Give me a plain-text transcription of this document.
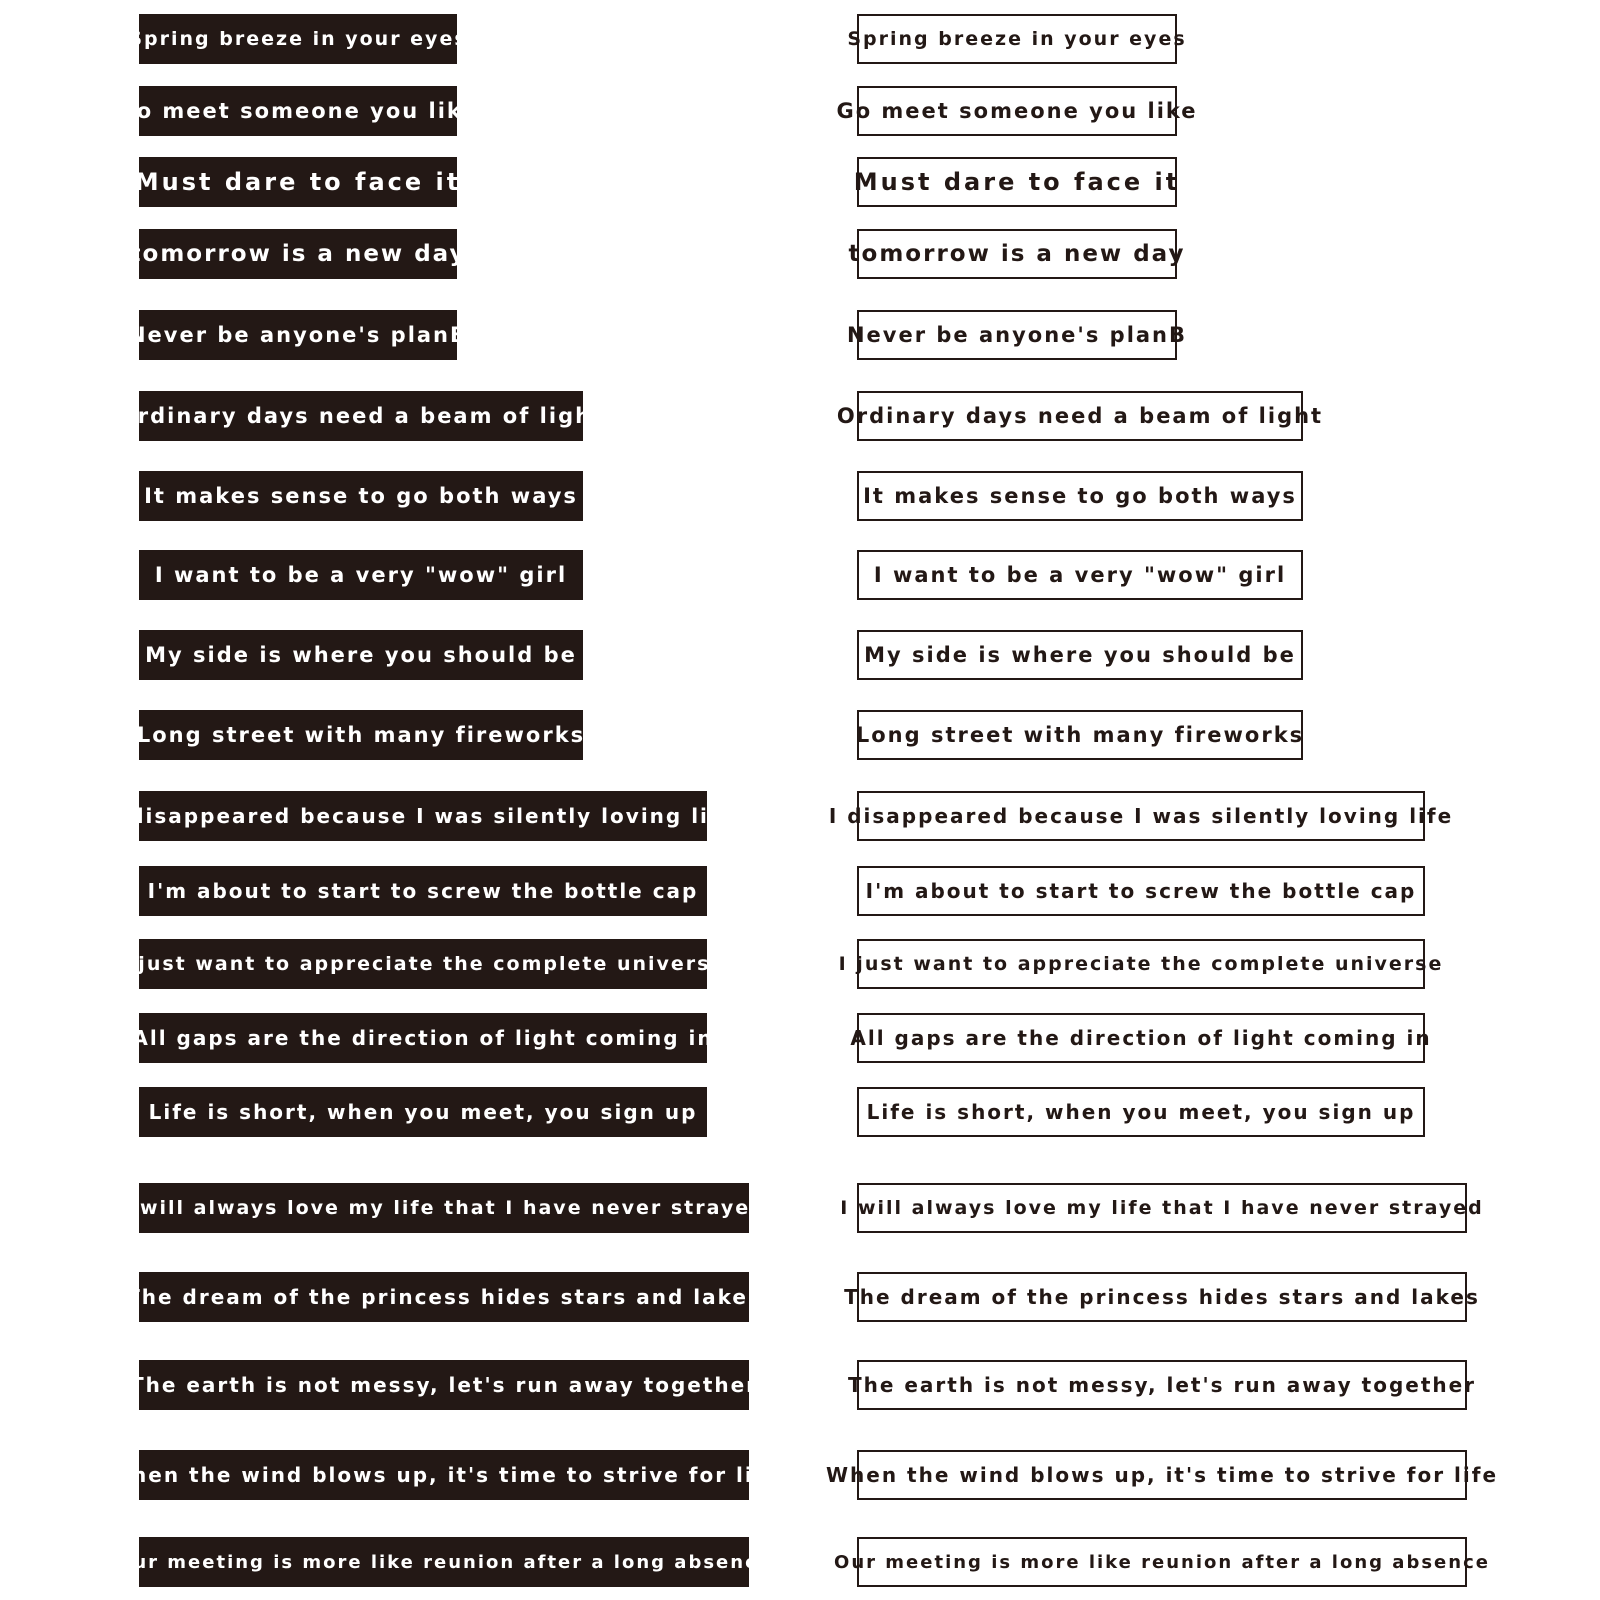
Spring breeze in your eyes
Go meet someone you like
Must dare to face it
tomorrow is a new day
Never be anyone's planB
Ordinary days need a beam of light
It makes sense to go both ways
I want to be a very "wow" girl
My side is where you should be
Long street with many fireworks
I disappeared because I was silently loving life
I'm about to start to screw the bottle cap
I just want to appreciate the complete universe
All gaps are the direction of light coming in
Life is short, when you meet, you sign up
I will always love my life that I have never strayed
The dream of the princess hides stars and lakes
The earth is not messy, let's run away together
When the wind blows up, it's time to strive for life
Our meeting is more like reunion after a long absence
Spring breeze in your eyes
Go meet someone you like
Must dare to face it
tomorrow is a new day
Never be anyone's planB
Ordinary days need a beam of light
It makes sense to go both ways
I want to be a very "wow" girl
My side is where you should be
Long street with many fireworks
I disappeared because I was silently loving life
I'm about to start to screw the bottle cap
I just want to appreciate the complete universe
All gaps are the direction of light coming in
Life is short, when you meet, you sign up
I will always love my life that I have never strayed
The dream of the princess hides stars and lakes
The earth is not messy, let's run away together
When the wind blows up, it's time to strive for life
Our meeting is more like reunion after a long absence
